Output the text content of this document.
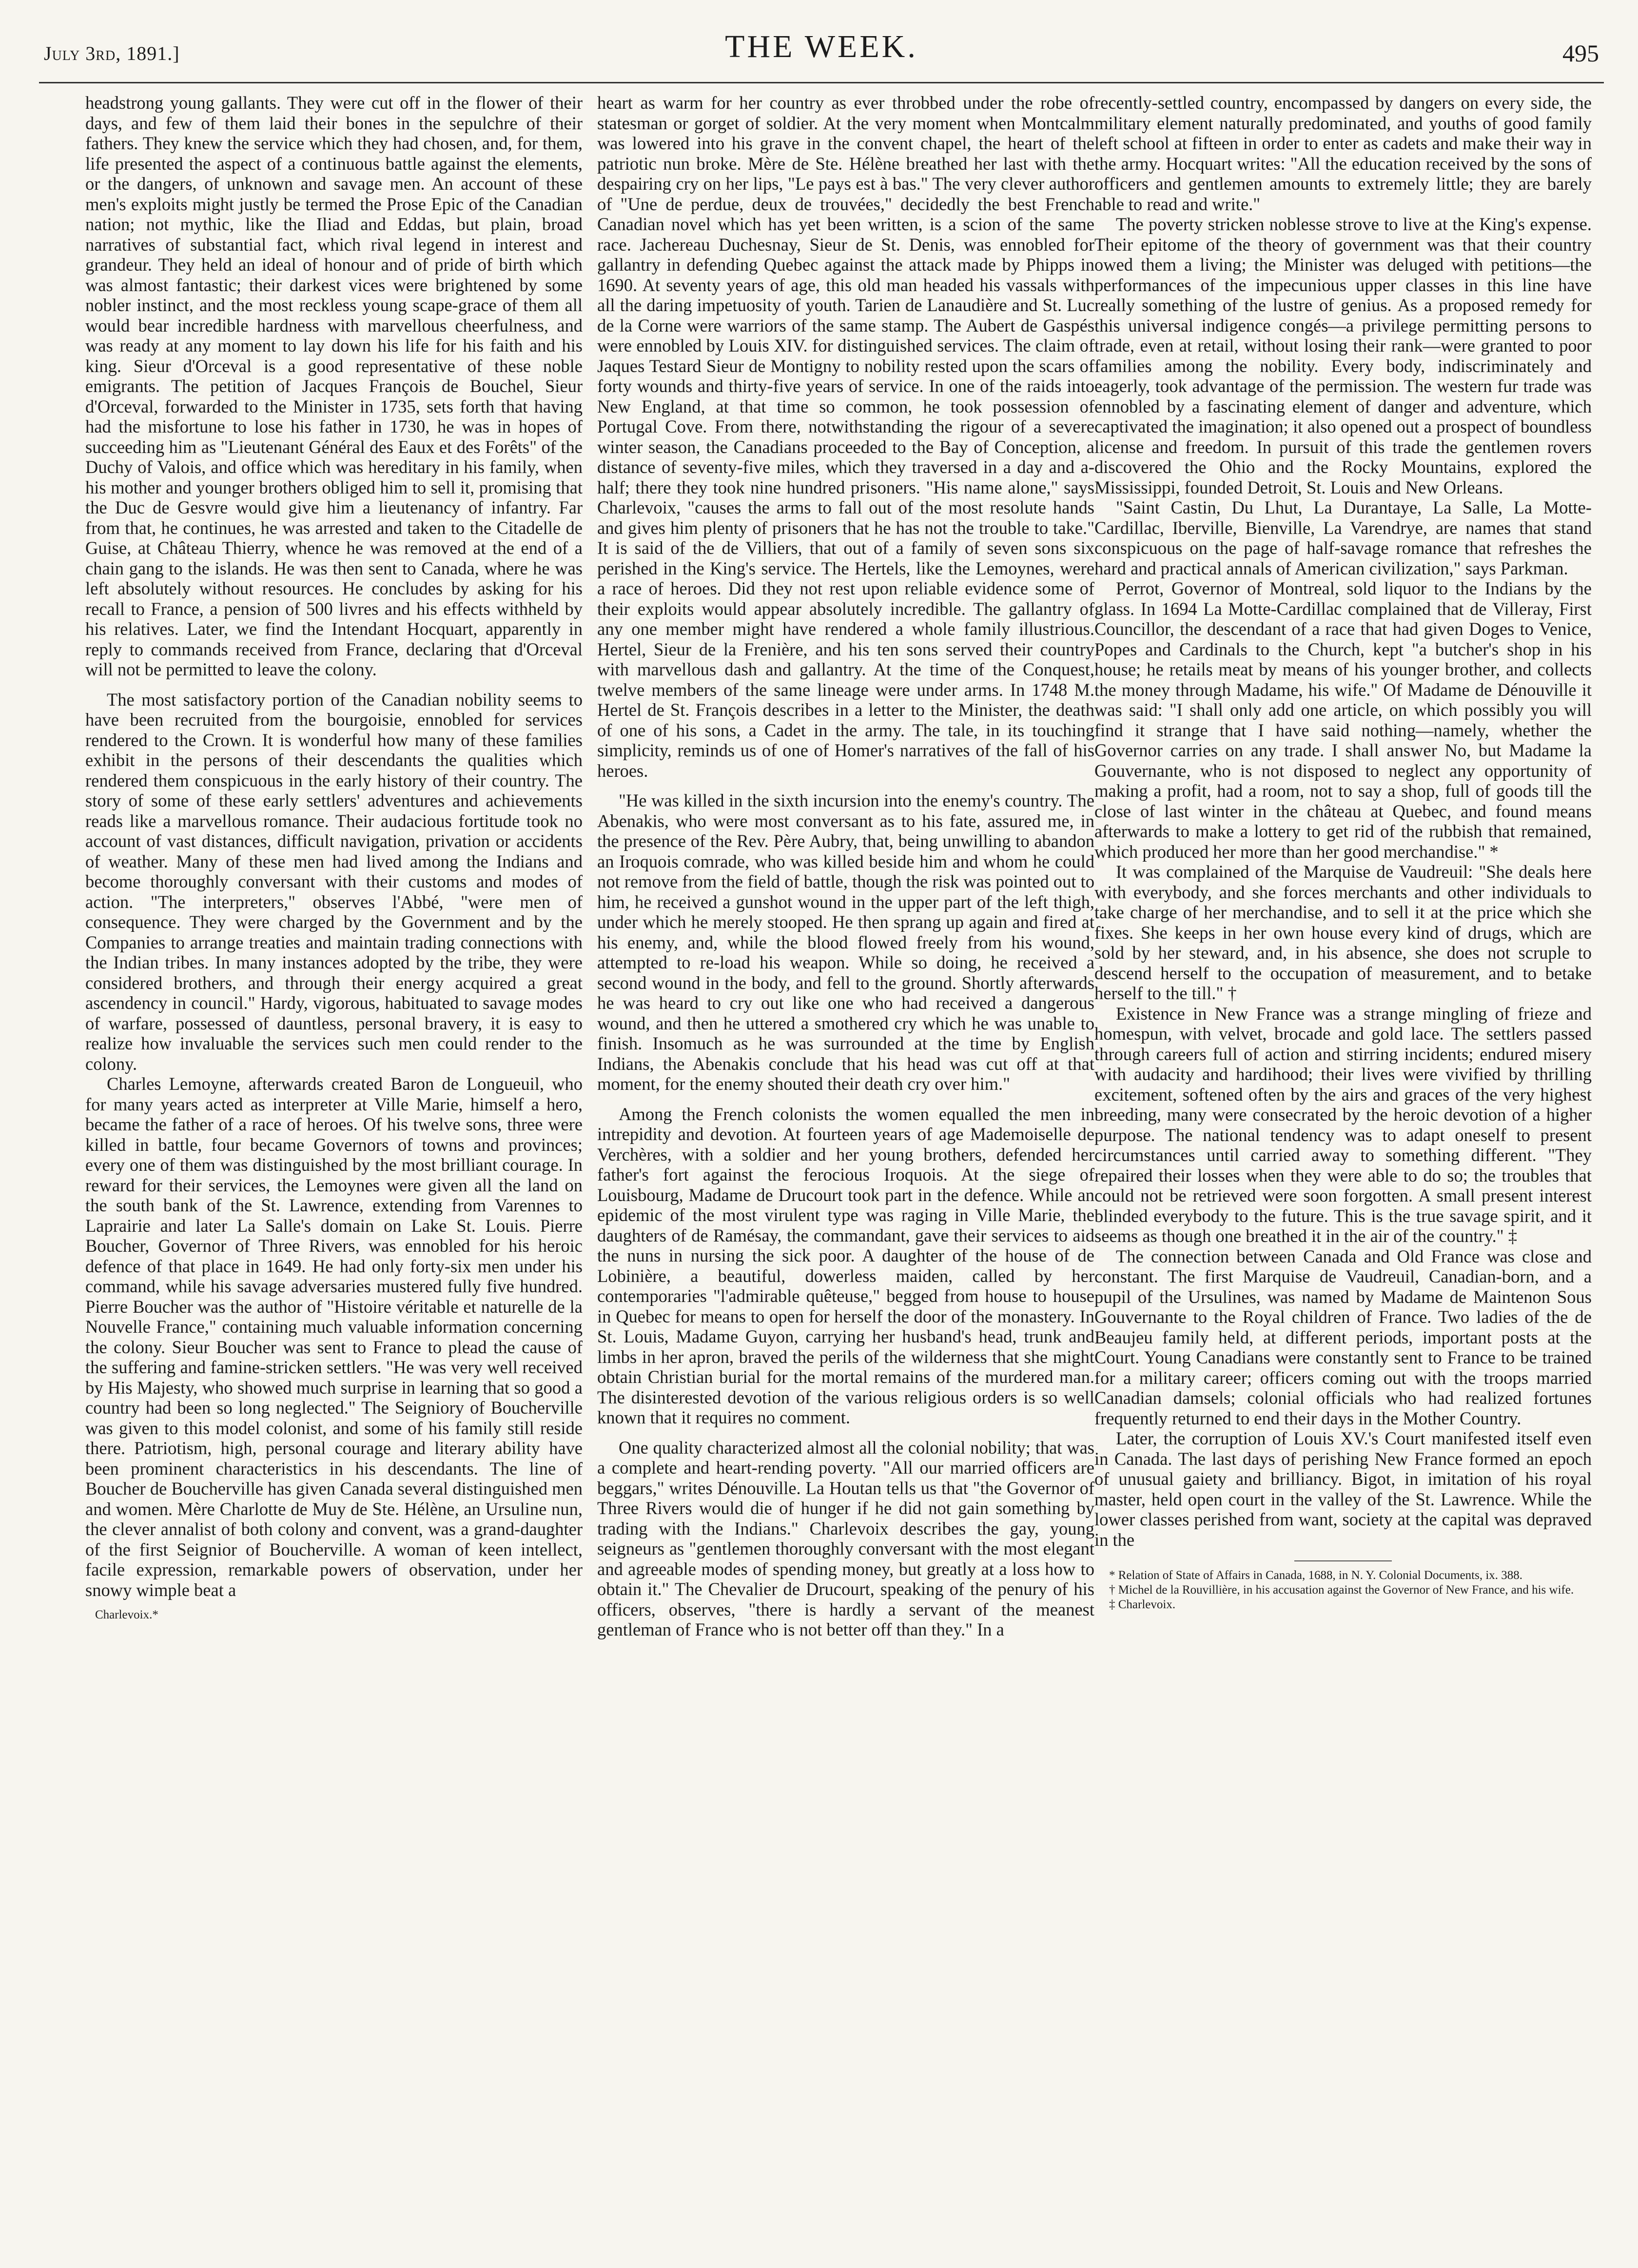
July 3rd, 1891.]	THE WEEK.	495

headstrong young gallants. They were cut off in the flower of their days, and few of them laid their bones in the sepulchre of their fathers. They knew the service which they had chosen, and, for them, life presented the aspect of a continuous battle against the elements, or the dangers, of unknown and savage men. An account of these men's exploits might justly be termed the Prose Epic of the Canadian nation; not mythic, like the Iliad and Eddas, but plain, broad narratives of substantial fact, which rival legend in interest and grandeur. They held an ideal of honour and of pride of birth which was almost fantastic; their darkest vices were brightened by some nobler instinct, and the most reckless young scape-grace of them all would bear incredible hardness with marvellous cheerfulness, and was ready at any moment to lay down his life for his faith and his king. Sieur d'Orceval is a good representative of these noble emigrants. The petition of Jacques François de Bouchel, Sieur d'Orceval, forwarded to the Minister in 1735, sets forth that having had the misfortune to lose his father in 1730, he was in hopes of succeeding him as "Lieutenant Général des Eaux et des Forêts" of the Duchy of Valois, and office which was hereditary in his family, when his mother and younger brothers obliged him to sell it, promising that the Duc de Gesvre would give him a lieutenancy of infantry. Far from that, he continues, he was arrested and taken to the Citadelle de Guise, at Château Thierry, whence he was removed at the end of a chain gang to the islands. He was then sent to Canada, where he was left absolutely without resources. He concludes by asking for his recall to France, a pension of 500 livres and his effects withheld by his relatives. Later, we find the Intendant Hocquart, apparently in reply to commands received from France, declaring that d'Orceval will not be permitted to leave the colony.

The most satisfactory portion of the Canadian nobility seems to have been recruited from the bourgoisie, ennobled for services rendered to the Crown. It is wonderful how many of these families exhibit in the persons of their descendants the qualities which rendered them conspicuous in the early history of their country. The story of some of these early settlers' adventures and achievements reads like a marvellous romance. Their audacious fortitude took no account of vast distances, difficult navigation, privation or accidents of weather. Many of these men had lived among the Indians and become thoroughly conversant with their customs and modes of action. "The interpreters," observes l'Abbé, "were men of consequence. They were charged by the Government and by the Companies to arrange treaties and maintain trading connections with the Indian tribes. In many instances adopted by the tribe, they were considered brothers, and through their energy acquired a great ascendency in council." Hardy, vigorous, habituated to savage modes of warfare, possessed of dauntless, personal bravery, it is easy to realize how invaluable the services such men could render to the colony.

Charles Lemoyne, afterwards created Baron de Longueuil, who for many years acted as interpreter at Ville Marie, himself a hero, became the father of a race of heroes. Of his twelve sons, three were killed in battle, four became Governors of towns and provinces; every one of them was distinguished by the most brilliant courage. In reward for their services, the Lemoynes were given all the land on the south bank of the St. Lawrence, extending from Varennes to Laprairie and later La Salle's domain on Lake St. Louis. Pierre Boucher, Governor of Three Rivers, was ennobled for his heroic defence of that place in 1649. He had only forty-six men under his command, while his savage adversaries mustered fully five hundred. Pierre Boucher was the author of "Histoire véritable et naturelle de la Nouvelle France," containing much valuable information concerning the colony. Sieur Boucher was sent to France to plead the cause of the suffering and famine-stricken settlers. "He was very well received by His Majesty, who showed much surprise in learning that so good a country had been so long neglected." The Seigniory of Boucherville was given to this model colonist, and some of his family still reside there. Patriotism, high, personal courage and literary ability have been prominent characteristics in his descendants. The line of Boucher de Boucherville has given Canada several distinguished men and women. Mère Charlotte de Muy de Ste. Hélène, an Ursuline nun, the clever annalist of both colony and convent, was a grand-daughter of the first Seignior of Boucherville. A woman of keen intellect, facile expression, remarkable powers of observation, under her snowy wimple beat a

Charlevoix.*

heart as warm for her country as ever throbbed under the robe of statesman or gorget of soldier. At the very moment when Montcalm was lowered into his grave in the convent chapel, the heart of the patriotic nun broke. Mère de Ste. Hélène breathed her last with the despairing cry on her lips, "Le pays est à bas." The very clever author of "Une de perdue, deux de trouvées," decidedly the best French Canadian novel which has yet been written, is a scion of the same race. Jachereau Duchesnay, Sieur de St. Denis, was ennobled for gallantry in defending Quebec against the attack made by Phipps in 1690. At seventy years of age, this old man headed his vassals with all the daring impetuosity of youth. Tarien de Lanaudière and St. Luc de la Corne were warriors of the same stamp. The Aubert de Gaspés were ennobled by Louis XIV. for distinguished services. The claim of Jaques Testard Sieur de Montigny to nobility rested upon the scars of forty wounds and thirty-five years of service. In one of the raids into New England, at that time so common, he took possession of Portugal Cove. From there, notwithstanding the rigour of a severe winter season, the Canadians proceeded to the Bay of Conception, a distance of seventy-five miles, which they traversed in a day and a-half; there they took nine hundred prisoners. "His name alone," says Charlevoix, "causes the arms to fall out of the most resolute hands and gives him plenty of prisoners that he has not the trouble to take." It is said of the de Villiers, that out of a family of seven sons six perished in the King's service. The Hertels, like the Lemoynes, were a race of heroes. Did they not rest upon reliable evidence some of their exploits would appear absolutely incredible. The gallantry of any one member might have rendered a whole family illustrious. Hertel, Sieur de la Frenière, and his ten sons served their country with marvellous dash and gallantry. At the time of the Conquest, twelve members of the same lineage were under arms. In 1748 M. Hertel de St. François describes in a letter to the Minister, the death of one of his sons, a Cadet in the army. The tale, in its touching simplicity, reminds us of one of Homer's narratives of the fall of his heroes.

"He was killed in the sixth incursion into the enemy's country. The Abenakis, who were most conversant as to his fate, assured me, in the presence of the Rev. Père Aubry, that, being unwilling to abandon an Iroquois comrade, who was killed beside him and whom he could not remove from the field of battle, though the risk was pointed out to him, he received a gunshot wound in the upper part of the left thigh, under which he merely stooped. He then sprang up again and fired at his enemy, and, while the blood flowed freely from his wound, attempted to re-load his weapon. While so doing, he received a second wound in the body, and fell to the ground. Shortly afterwards he was heard to cry out like one who had received a dangerous wound, and then he uttered a smothered cry which he was unable to finish. Insomuch as he was surrounded at the time by English Indians, the Abenakis conclude that his head was cut off at that moment, for the enemy shouted their death cry over him."

Among the French colonists the women equalled the men in intrepidity and devotion. At fourteen years of age Mademoiselle de Verchères, with a soldier and her young brothers, defended her father's fort against the ferocious Iroquois. At the siege of Louisbourg, Madame de Drucourt took part in the defence. While an epidemic of the most virulent type was raging in Ville Marie, the daughters of de Ramésay, the commandant, gave their services to aid the nuns in nursing the sick poor. A daughter of the house of de Lobinière, a beautiful, dowerless maiden, called by her contemporaries "l'admirable quêteuse," begged from house to house in Quebec for means to open for herself the door of the monastery. In St. Louis, Madame Guyon, carrying her husband's head, trunk and limbs in her apron, braved the perils of the wilderness that she might obtain Christian burial for the mortal remains of the murdered man. The disinterested devotion of the various religious orders is so well known that it requires no comment.

One quality characterized almost all the colonial nobility; that was a complete and heart-rending poverty. "All our married officers are beggars," writes Dénouville. La Houtan tells us that "the Governor of Three Rivers would die of hunger if he did not gain something by trading with the Indians." Charlevoix describes the gay, young seigneurs as "gentlemen thoroughly conversant with the most elegant and agreeable modes of spending money, but greatly at a loss how to obtain it." The Chevalier de Drucourt, speaking of the penury of his officers, observes, "there is hardly a servant of the meanest gentleman of France who is not better off than they." In a

recently-settled country, encompassed by dangers on every side, the military element naturally predominated, and youths of good family left school at fifteen in order to enter as cadets and make their way in the army. Hocquart writes: "All the education received by the sons of officers and gentlemen amounts to extremely little; they are barely able to read and write."

The poverty stricken noblesse strove to live at the King's expense. Their epitome of the theory of government was that their country owed them a living; the Minister was deluged with petitions—the performances of the impecunious upper classes in this line have really something of the lustre of genius. As a proposed remedy for this universal indigence congés—a privilege permitting persons to trade, even at retail, without losing their rank—were granted to poor families among the nobility. Every body, indiscriminately and eagerly, took advantage of the permission. The western fur trade was ennobled by a fascinating element of danger and adventure, which captivated the imagination; it also opened out a prospect of boundless license and freedom. In pursuit of this trade the gentlemen rovers discovered the Ohio and the Rocky Mountains, explored the Mississippi, founded Detroit, St. Louis and New Orleans.

"Saint Castin, Du Lhut, La Durantaye, La Salle, La Motte-Cardillac, Iberville, Bienville, La Varendrye, are names that stand conspicuous on the page of half-savage romance that refreshes the hard and practical annals of American civilization," says Parkman.

Perrot, Governor of Montreal, sold liquor to the Indians by the glass. In 1694 La Motte-Cardillac complained that de Villeray, First Councillor, the descendant of a race that had given Doges to Venice, Popes and Cardinals to the Church, kept "a butcher's shop in his house; he retails meat by means of his younger brother, and collects the money through Madame, his wife." Of Madame de Dénouville it was said: "I shall only add one article, on which possibly you will find it strange that I have said nothing—namely, whether the Governor carries on any trade. I shall answer No, but Madame la Gouvernante, who is not disposed to neglect any opportunity of making a profit, had a room, not to say a shop, full of goods till the close of last winter in the château at Quebec, and found means afterwards to make a lottery to get rid of the rubbish that remained, which produced her more than her good merchandise." *

It was complained of the Marquise de Vaudreuil: "She deals here with everybody, and she forces merchants and other individuals to take charge of her merchandise, and to sell it at the price which she fixes. She keeps in her own house every kind of drugs, which are sold by her steward, and, in his absence, she does not scruple to descend herself to the occupation of measurement, and to betake herself to the till." †

Existence in New France was a strange mingling of frieze and homespun, with velvet, brocade and gold lace. The settlers passed through careers full of action and stirring incidents; endured misery with audacity and hardihood; their lives were vivified by thrilling excitement, softened often by the airs and graces of the very highest breeding, many were consecrated by the heroic devotion of a higher purpose. The national tendency was to adapt oneself to present circumstances until carried away to something different. "They repaired their losses when they were able to do so; the troubles that could not be retrieved were soon forgotten. A small present interest blinded everybody to the future. This is the true savage spirit, and it seems as though one breathed it in the air of the country." ‡

The connection between Canada and Old France was close and constant. The first Marquise de Vaudreuil, Canadian-born, and a pupil of the Ursulines, was named by Madame de Maintenon Sous Gouvernante to the Royal children of France. Two ladies of the de Beaujeu family held, at different periods, important posts at the Court. Young Canadians were constantly sent to France to be trained for a military career; officers coming out with the troops married Canadian damsels; colonial officials who had realized fortunes frequently returned to end their days in the Mother Country.

Later, the corruption of Louis XV.'s Court manifested itself even in Canada. The last days of perishing New France formed an epoch of unusual gaiety and brilliancy. Bigot, in imitation of his royal master, held open court in the valley of the St. Lawrence. While the lower classes perished from want, society at the capital was depraved in the

* Relation of State of Affairs in Canada, 1688, in N. Y. Colonial Documents, ix. 388.
† Michel de la Rouvillière, in his accusation against the Governor of New France, and his wife.
‡ Charlevoix.
